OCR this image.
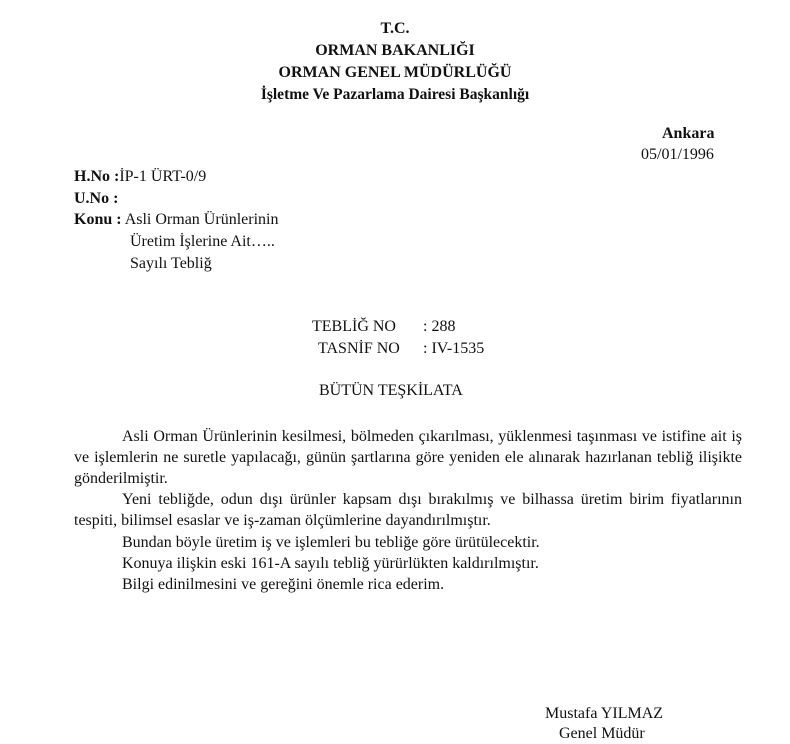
T.C.
ORMAN BAKANLIĞI
ORMAN GENEL MÜDÜRLÜĞÜ
İşletme Ve Pazarlama Dairesi Başkanlığı
Ankara
05/01/1996
H.No :İP-1 ÜRT-0/9
U.No :
Konu : Asli Orman Ürünlerinin
Üretim İşlerine Ait…..
Sayılı Tebliğ
TEBLİĞ NO : 288
TASNİF NO : IV-1535
BÜTÜN TEŞKİLATA
Asli Orman Ürünlerinin kesilmesi, bölmeden çıkarılması, yüklenmesi taşınması ve istifine ait iş ve işlemlerin ne suretle yapılacağı, günün şartlarına göre yeniden ele alınarak hazırlanan tebliğ ilişikte gönderilmiştir.
Yeni tebliğde, odun dışı ürünler kapsam dışı bırakılmış ve bilhassa üretim birim fiyatlarının tespiti, bilimsel esaslar ve iş-zaman ölçümlerine dayandırılmıştır.
Bundan böyle üretim iş ve işlemleri bu tebliğe göre ürütülecektir.
Konuya ilişkin eski 161-A sayılı tebliğ yürürlükten kaldırılmıştır.
Bilgi edinilmesini ve gereğini önemle rica ederim.
Mustafa YILMAZ
Genel Müdür
